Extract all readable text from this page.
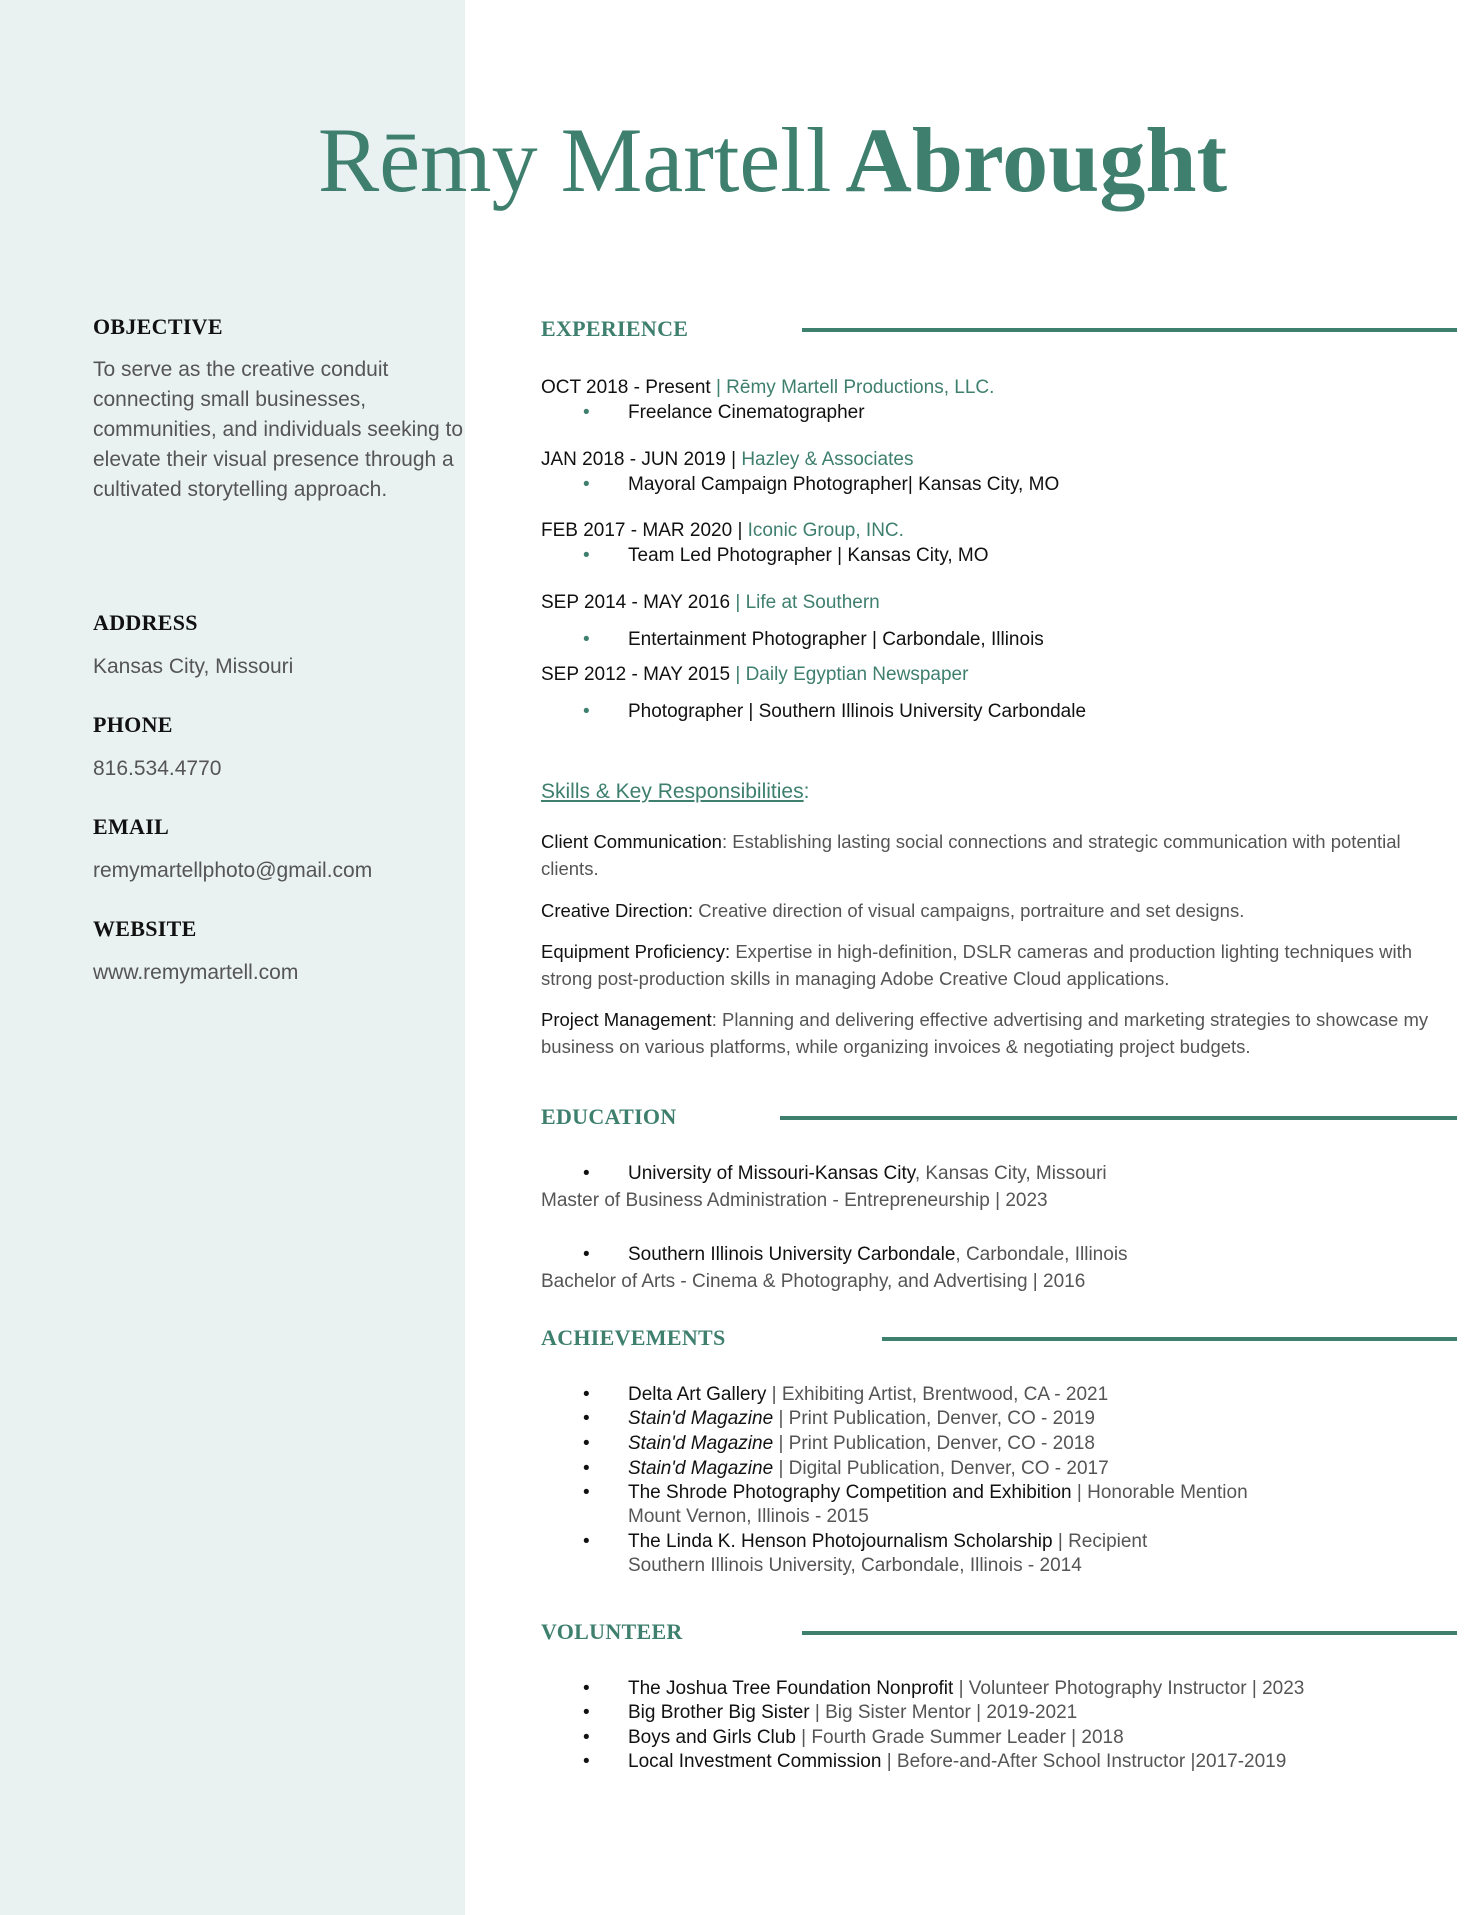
Rēmy Martell Abrought
OBJECTIVE
To serve as the creative conduit connecting small businesses, communities, and individuals seeking to elevate their visual presence through a cultivated storytelling approach.
ADDRESS
Kansas City, Missouri
PHONE
816.534.4770
EMAIL
remymartellphoto@gmail.com
WEBSITE
www.remymartell.com
EXPERIENCE
OCT 2018 - Present | Rēmy Martell Productions, LLC.
• Freelance Cinematographer
JAN 2018 - JUN 2019 | Hazley & Associates
• Mayoral Campaign Photographer| Kansas City, MO
FEB 2017 - MAR 2020 | Iconic Group, INC.
• Team Led Photographer | Kansas City, MO
SEP 2014 - MAY 2016 | Life at Southern
• Entertainment Photographer | Carbondale, Illinois
SEP 2012 - MAY 2015 | Daily Egyptian Newspaper
• Photographer | Southern Illinois University Carbondale
Skills & Key Responsibilities:
Client Communication: Establishing lasting social connections and strategic communication with potential clients.
Creative Direction: Creative direction of visual campaigns, portraiture and set designs.
Equipment Proficiency: Expertise in high-definition, DSLR cameras and production lighting techniques with strong post-production skills in managing Adobe Creative Cloud applications.
Project Management: Planning and delivering effective advertising and marketing strategies to showcase my business on various platforms, while organizing invoices & negotiating project budgets.
EDUCATION
• University of Missouri-Kansas City, Kansas City, Missouri
Master of Business Administration - Entrepreneurship | 2023
• Southern Illinois University Carbondale, Carbondale, Illinois
Bachelor of Arts - Cinema & Photography, and Advertising | 2016
ACHIEVEMENTS
• Delta Art Gallery | Exhibiting Artist, Brentwood, CA - 2021
• Stain'd Magazine | Print Publication, Denver, CO - 2019
• Stain'd Magazine | Print Publication, Denver, CO - 2018
• Stain'd Magazine | Digital Publication, Denver, CO - 2017
• The Shrode Photography Competition and Exhibition | Honorable Mention
Mount Vernon, Illinois - 2015
• The Linda K. Henson Photojournalism Scholarship | Recipient
Southern Illinois University, Carbondale, Illinois - 2014
VOLUNTEER
• The Joshua Tree Foundation Nonprofit | Volunteer Photography Instructor | 2023
• Big Brother Big Sister | Big Sister Mentor | 2019-2021
• Boys and Girls Club | Fourth Grade Summer Leader | 2018
• Local Investment Commission | Before-and-After School Instructor |2017-2019
